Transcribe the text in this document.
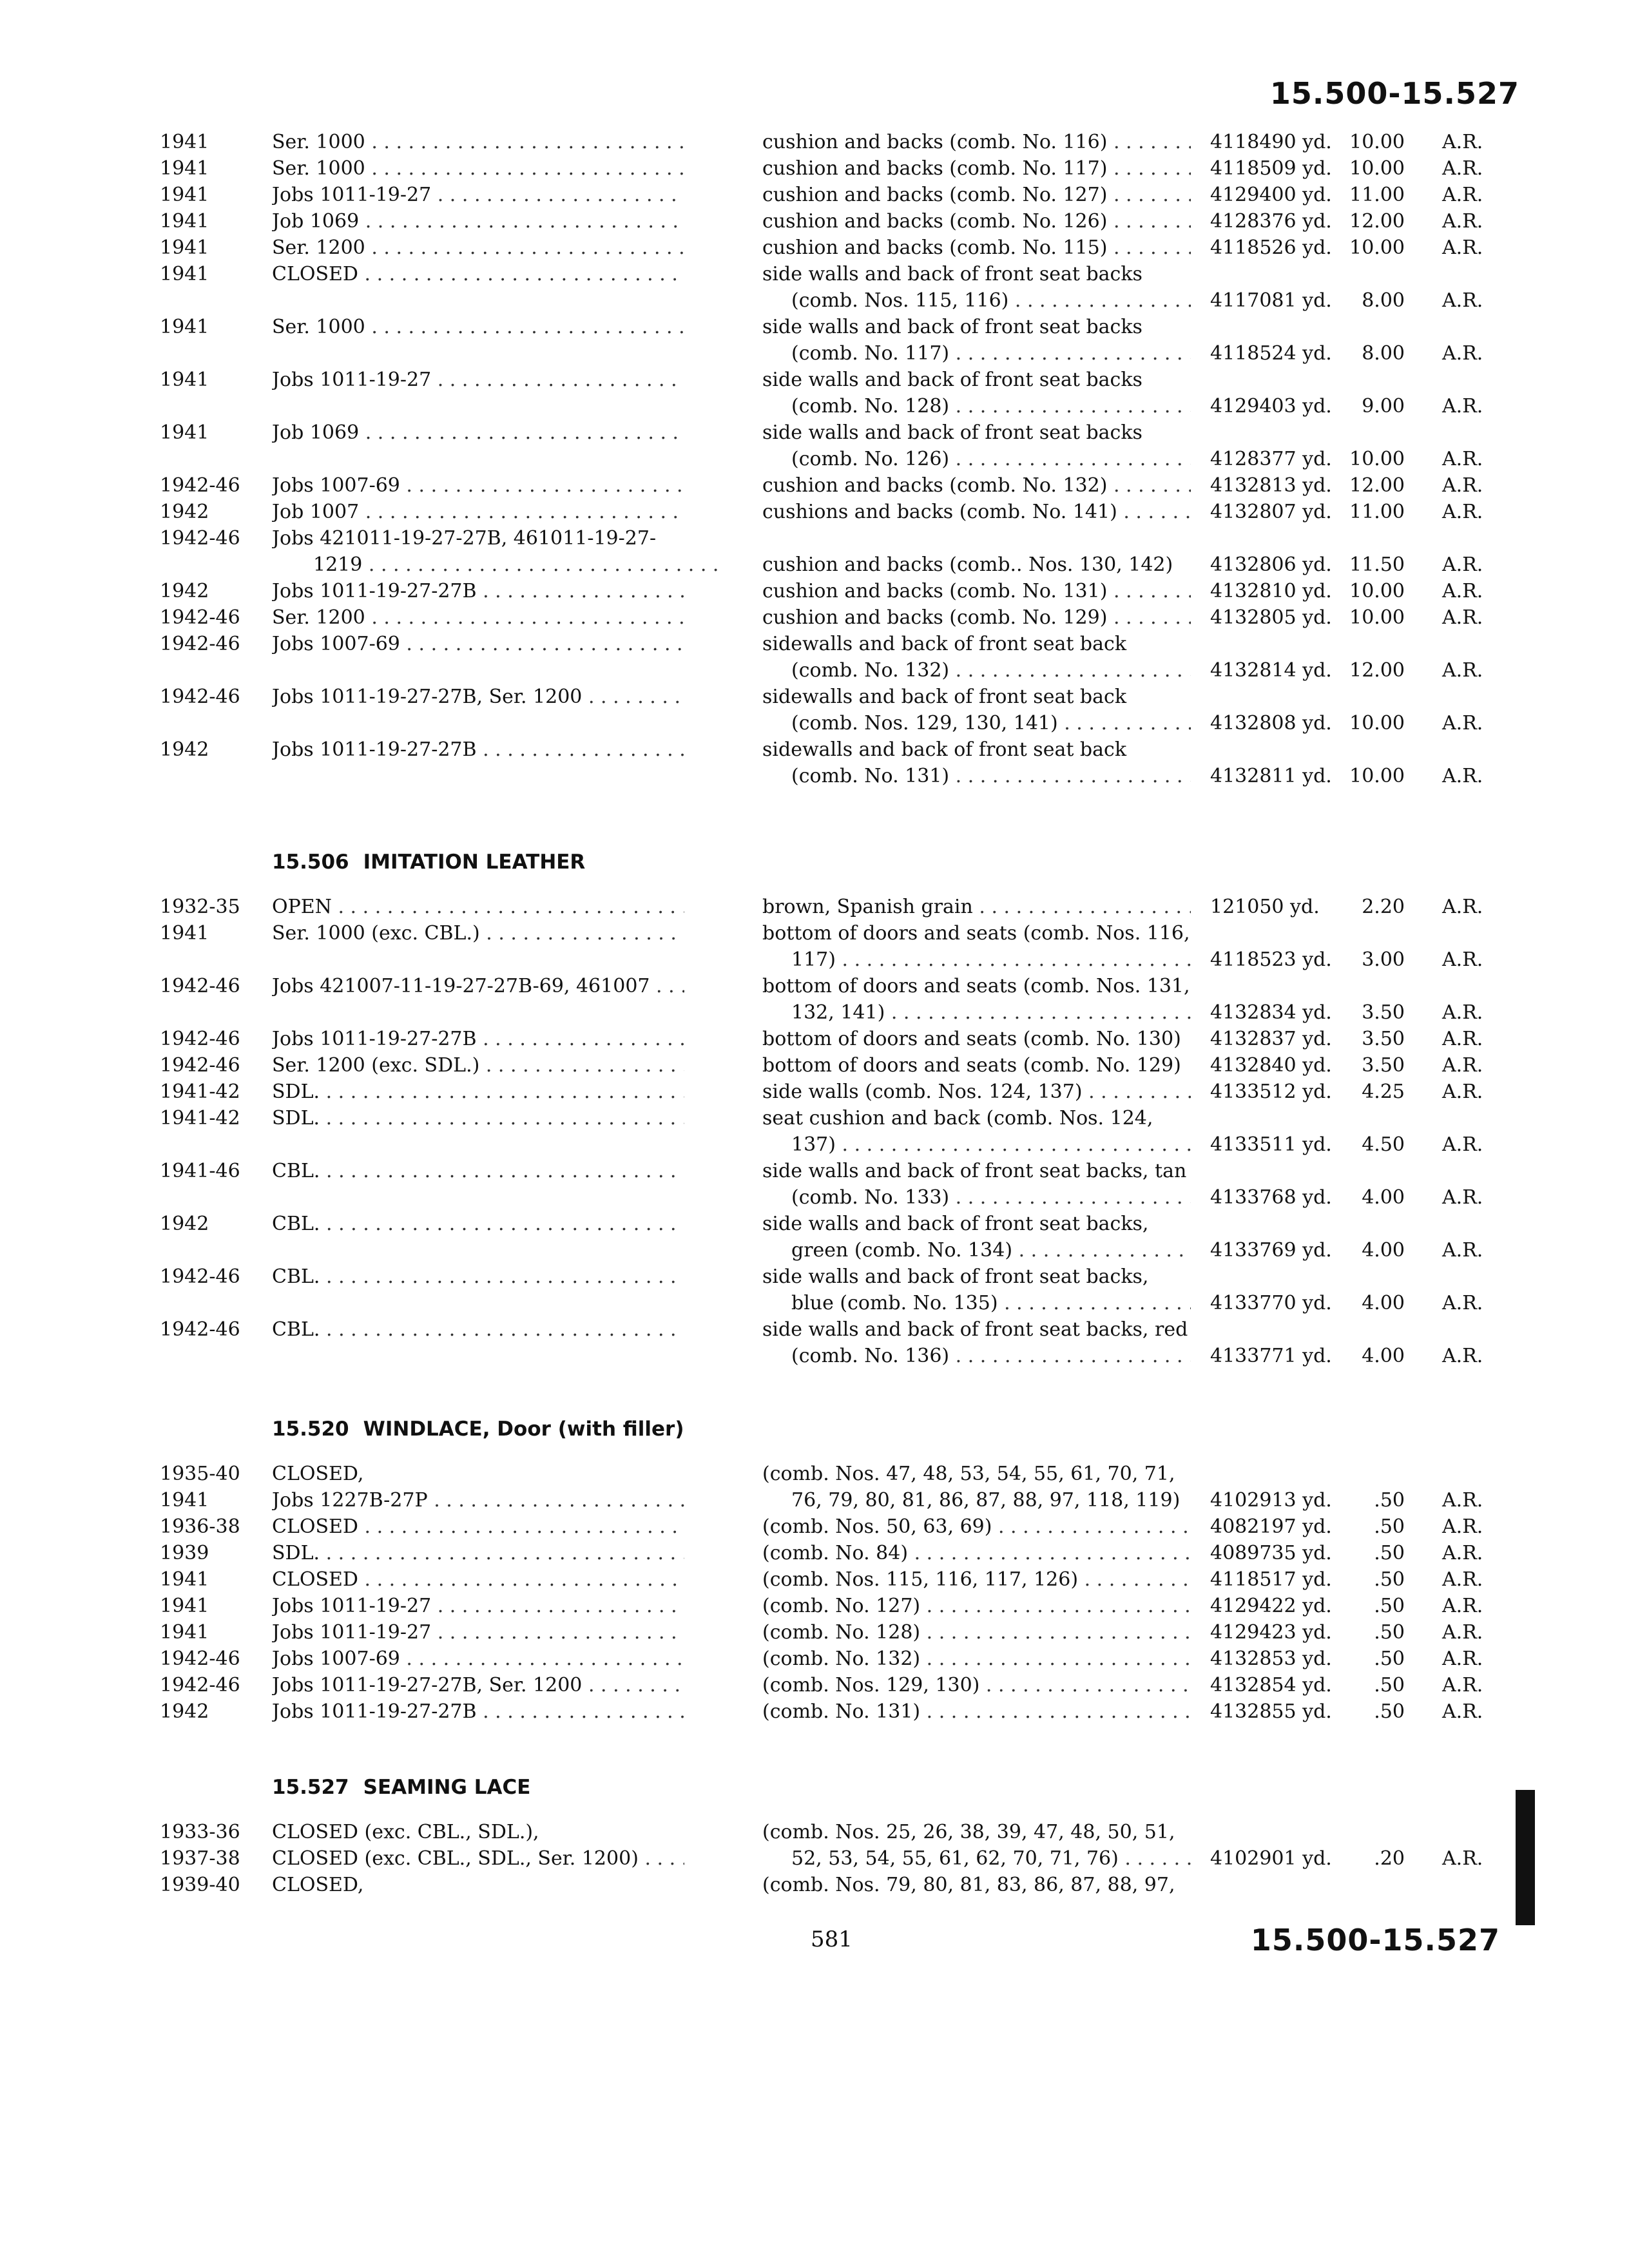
15.500-15.527
1941	Ser. 1000 . . .	cushion and backs (comb. No. 116) . . .	4118490 yd. 10.00 A.R.
1941	Ser. 1000 . . .	cushion and backs (comb. No. 117) . . .	4118509 yd. 10.00 A.R.
1941	Jobs 1011-19-27 . . .	cushion and backs (comb. No. 127) . . .	4129400 yd. 11.00 A.R.
1941	Job 1069 . . .	cushion and backs (comb. No. 126) . . .	4128376 yd. 12.00 A.R.
1941	Ser. 1200 . . .	cushion and backs (comb. No. 115) . . .	4118526 yd. 10.00 A.R.
1941	CLOSED . . .	side walls and back of front seat backs
(comb. Nos. 115, 116) . . .	4117081 yd.	8.00 A.R.
1941	Ser. 1000 . . .	side walls and back of front seat backs
(comb. No. 117) . . .	4118524 yd.	8.00 A.R.
1941	Jobs 1011-19-27 . . .	side walls and back of front seat backs
(comb. No. 128) . . .	4129403 yd.	9.00 A.R.
1941	Job 1069 . . .	side walls and back of front seat backs
(comb. No. 126) . . .	4128377 yd. 10.00 A.R.
1942-46 Jobs 1007-69 . . .	cushion and backs (comb. No. 132) . . .	4132813 yd. 12.00 A.R.
1942	Job 1007 . . .	cushions and backs (comb. No. 141) . . .	4132807 yd. 11.00 A.R.
1942-46 Jobs 421011-19-27-27B, 461011-19-27-
1219 . . .	cushion and backs (comb.. Nos. 130, 142)	4132806 yd. 11.50 A.R.
1942	Jobs 1011-19-27-27B . . .	cushion and backs (comb. No. 131) . . .	4132810 yd. 10.00 A.R.
1942-46 Ser. 1200 . . .	cushion and backs (comb. No. 129) . . .	4132805 yd. 10.00 A.R.
1942-46 Jobs 1007-69 . . .	sidewalls and back of front seat back
(comb. No. 132) . . .	4132814 yd. 12.00 A.R.
1942-46 Jobs 1011-19-27-27B, Ser. 1200 . . .	sidewalls and back of front seat back
(comb. Nos. 129, 130, 141) . . .	4132808 yd. 10.00 A.R.
1942	Jobs 1011-19-27-27B . . .	sidewalls and back of front seat back
(comb. No. 131) . . .	4132811 yd. 10.00 A.R.
15.506 IMITATION LEATHER
1932-35 OPEN . . .	brown, Spanish grain . . .	121050 yd.	2.20 A.R.
1941	Ser. 1000 (exc. CBL.) . . .	bottom of doors and seats (comb. Nos. 116,
117) . . .	4118523 yd.	3.00 A.R.
1942-46 Jobs 421007-11-19-27-27B-69, 461007 . . .	bottom of doors and seats (comb. Nos. 131,
132, 141) . . .	4132834 yd.	3.50 A.R.
1942-46 Jobs 1011-19-27-27B . . .	bottom of doors and seats (comb. No. 130)	4132837 yd.	3.50 A.R.
1942-46 Ser. 1200 (exc. SDL.) . . .	bottom of doors and seats (comb. No. 129)	4132840 yd.	3.50 A.R.
1941-42 SDL. . . .	side walls (comb. Nos. 124, 137) . . .	4133512 yd.	4.25 A.R.
1941-42 SDL. . . .	seat cushion and back (comb. Nos. 124,
137) . . .	4133511 yd.	4.50 A.R.
1941-46 CBL. . . .	side walls and back of front seat backs, tan
(comb. No. 133) . . .	4133768 yd.	4.00 A.R.
1942	CBL. . . .	side walls and back of front seat backs,
green (comb. No. 134) . . .	4133769 yd.	4.00 A.R.
1942-46 CBL. . . .	side walls and back of front seat backs,
blue (comb. No. 135) . . .	4133770 yd.	4.00 A.R.
1942-46 CBL. . . .	side walls and back of front seat backs, red
(comb. No. 136) . . .	4133771 yd.	4.00 A.R.
15.520 WINDLACE, Door (with filler)
1935-40 CLOSED,	(comb. Nos. 47, 48, 53, 54, 55, 61, 70, 71,
1941	Jobs 1227B-27P . . .	76, 79, 80, 81, 86, 87, 88, 97, 118, 119)	4102913 yd.	.50 A.R.
1936-38 CLOSED . . .	(comb. Nos. 50, 63, 69) . . .	4082197 yd.	.50 A.R.
1939	SDL. . . .	(comb. No. 84) . . .	4089735 yd.	.50 A.R.
1941	CLOSED . . .	(comb. Nos. 115, 116, 117, 126) . . .	4118517 yd.	.50 A.R.
1941	Jobs 1011-19-27 . . .	(comb. No. 127) . . .	4129422 yd.	.50 A.R.
1941	Jobs 1011-19-27 . . .	(comb. No. 128) . . .	4129423 yd.	.50 A.R.
1942-46 Jobs 1007-69 . . .	(comb. No. 132) . . .	4132853 yd.	.50 A.R.
1942-46 Jobs 1011-19-27-27B, Ser. 1200 . . .	(comb. Nos. 129, 130) . . .	4132854 yd.	.50 A.R.
1942	Jobs 1011-19-27-27B . . .	(comb. No. 131) . . .	4132855 yd.	.50 A.R.
15.527 SEAMING LACE
1933-36 CLOSED (exc. CBL., SDL.),	(comb. Nos. 25, 26, 38, 39, 47, 48, 50, 51,
1937-38 CLOSED (exc. CBL., SDL., Ser. 1200) . . .	52, 53, 54, 55, 61, 62, 70, 71, 76) . . .	4102901 yd.	.20 A.R.
1939-40 CLOSED,	(comb. Nos. 79, 80, 81, 83, 86, 87, 88, 97,
581	15.500-15.527
